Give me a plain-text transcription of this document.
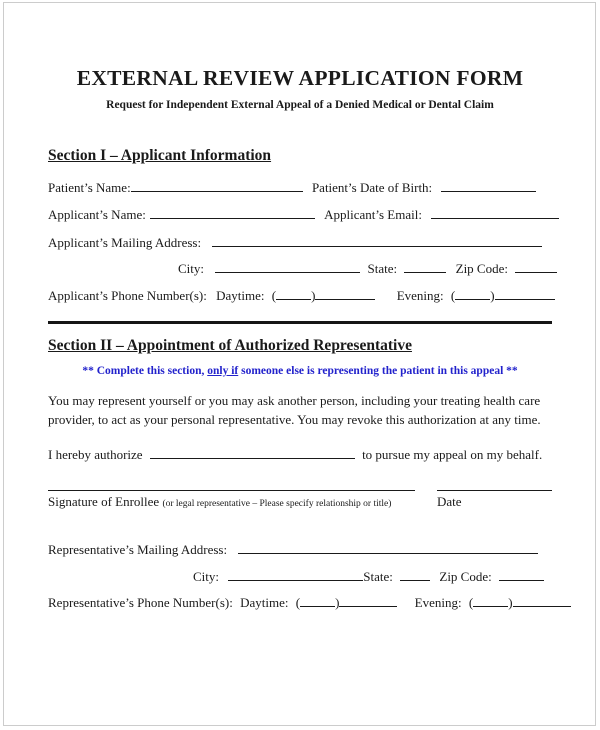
EXTERNAL REVIEW APPLICATION FORM
Request for Independent External Appeal of a Denied Medical or Dental Claim
Section I – Applicant Information
Patient’s Name:	Patient’s Date of Birth:
Applicant’s Name:	Applicant’s Email:
Applicant’s Mailing Address:
City:	State:	Zip Code:
Applicant’s Phone Number(s): Daytime: (	)	Evening: (	)
Section II – Appointment of Authorized Representative
** Complete this section, only if someone else is representing the patient in this appeal **
You may represent yourself or you may ask another person, including your treating health care provider, to act as your personal representative. You may revoke this authorization at any time.
I hereby authorize	to pursue my appeal on my behalf.
Signature of Enrollee (or legal representative – Please specify relationship or title)	Date
Representative’s Mailing Address:
City:	State:	Zip Code:
Representative’s Phone Number(s): Daytime: (	)	Evening: (	)
